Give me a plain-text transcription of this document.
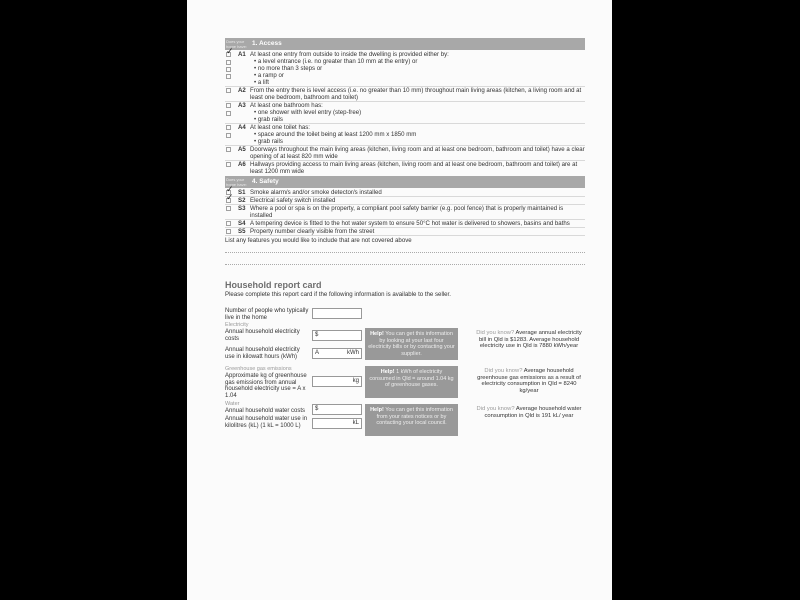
Does your home have: 1. Access
✓
A1 At least one entry from outside to inside the dwelling is provided either by:
• a level entrance (i.e. no greater than 10 mm at the entry) or
• no more than 3 steps or
• a ramp or
• a lift
A2 From the entry there is level access (i.e. no greater than 10 mm) throughout main living areas (kitchen, a living room and at least one bedroom, bathroom and toilet)
A3 At least one bathroom has:
• one shower with level entry (step-free)
• grab rails
A4 At least one toilet has:
• space around the toilet being at least 1200 mm x 1850 mm
• grab rails
A5 Doorways throughout the main living areas (kitchen, living room and at least one bedroom, bathroom and toilet) have a clear opening of at least 820 mm wide
A6 Hallways providing access to main living areas (kitchen, living room and at least one bedroom, bathroom and toilet) are at least 1200 mm wide
Does your home have: 4. Safety
✓
S1 Smoke alarm/s and/or smoke detector/s installed
✓
S2 Electrical safety switch installed
S3 Where a pool or spa is on the property, a compliant pool safety barrier (e.g. pool fence) that is properly maintained is installed
S4 A tempering device is fitted to the hot water system to ensure 50°C hot water is delivered to showers, basins and baths
S5 Property number clearly visible from the street
List any features you would like to include that are not covered above
Household report card
Please complete this report card if the following information is available to the seller.
Number of people who typically live in the home
Electricity
Annual household electricity costs
$
Annual household electricity use in kilowatt hours (kWh)
A	kWh
Help! You can get this information by looking at your last four electricity bills or by contacting your supplier.
Did you know? Average annual electricity bill in Qld is $1283. Average household electricity use in Qld is 7880 kWh/year
Greenhouse gas emissions
Approximate kg of greenhouse gas emissions from annual household electricity use = A x 1.04
kg
Help! 1 kWh of electricity consumed in Qld = around 1.04 kg of greenhouse gases.
Did you know? Average household greenhouse gas emissions as a result of electricity consumption in Qld = 8240 kg/year
Water
Annual household water costs	$
Annual household water use in kilolitres (kL) (1 kL = 1000 L)	kL
Help! You can get this information from your rates notices or by contacting your local council.
Did you know? Average household water consumption in Qld is 191 kL/ year
